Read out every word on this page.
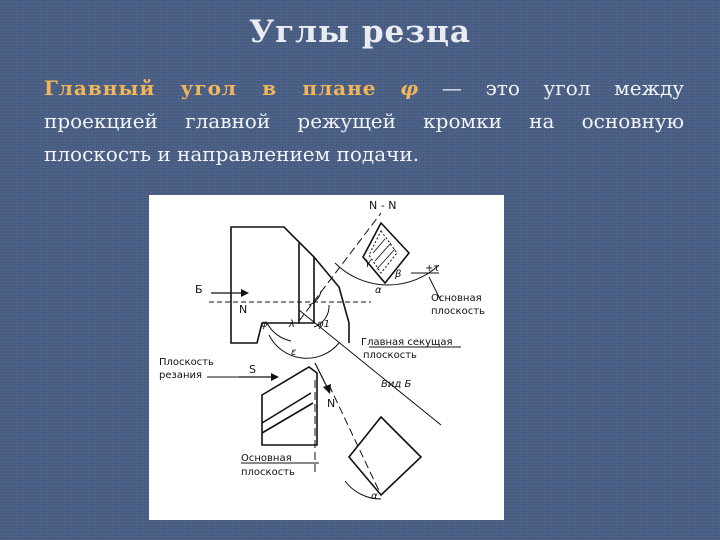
Углы резца
Главный угол в плане φ — это угол между
проекцией главной режущей кромки на основную
плоскость и направлением подачи.
N - N
Б
N
N
S
φ	φ1
ε
λ
γ
β
α
+τ
α
Основная
плоскость
Главная секущая
плоскость
Вид Б
Плоскость
резания
Основная
плоскость
